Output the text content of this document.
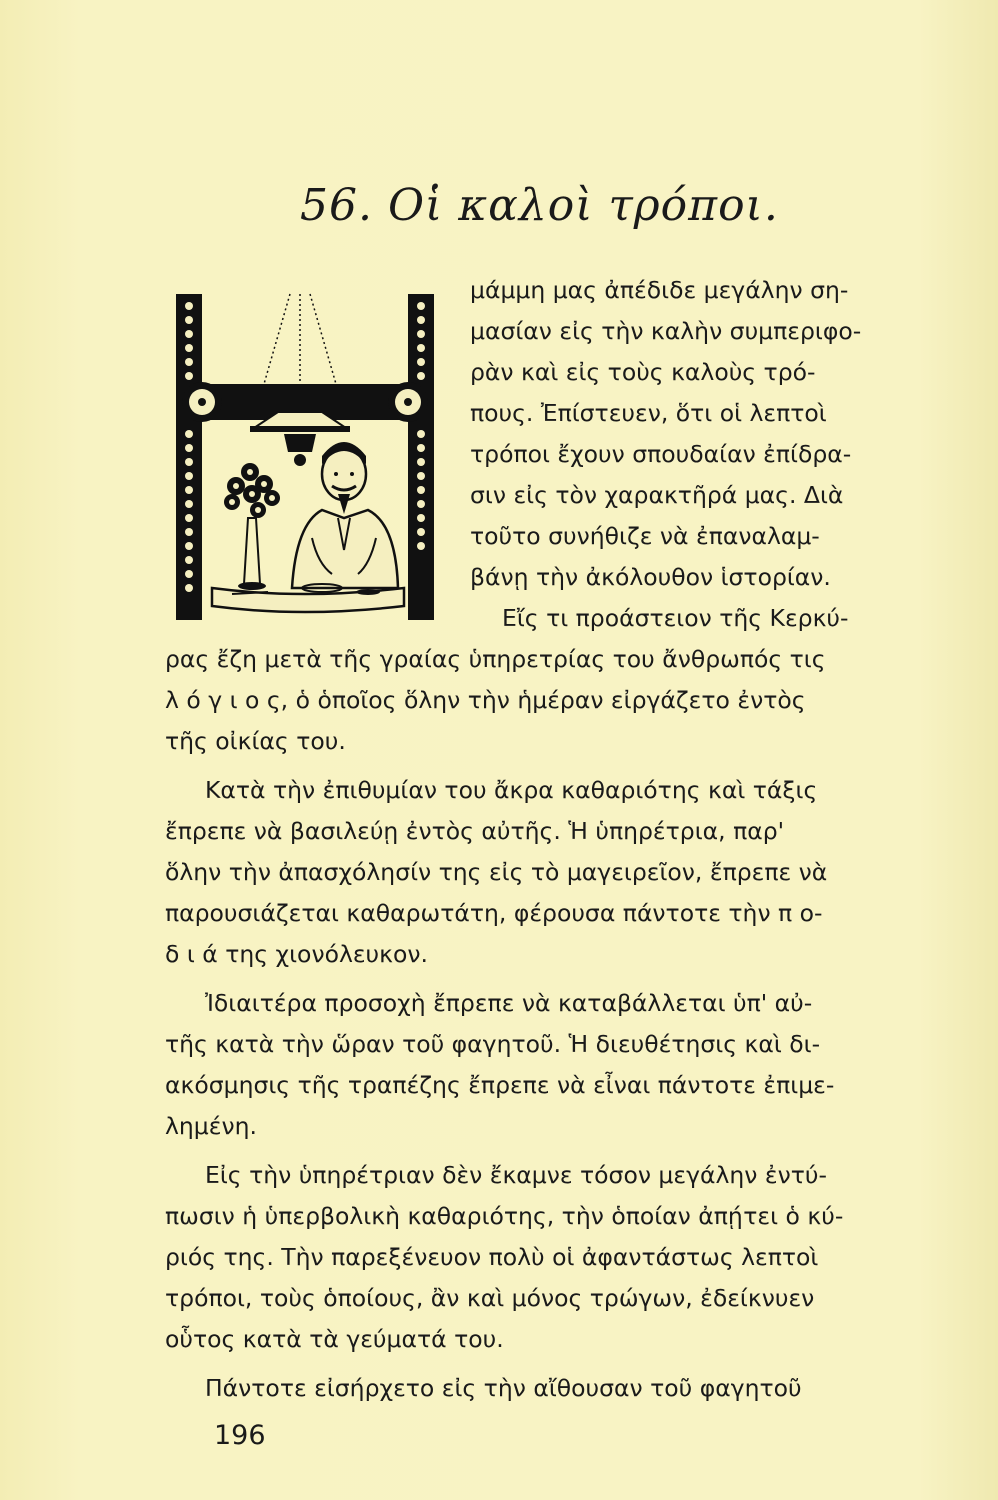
56. Οἱ καλοὶ τρόποι.
μάμμη μας ἀπέδιδε μεγάλην ση-
μασίαν εἰς τὴν καλὴν συμπεριφο-
ρὰν καὶ εἰς τοὺς καλοὺς τρό-
πους. Ἐπίστευεν, ὅτι οἱ λεπτοὶ
τρόποι ἔχουν σπουδαίαν ἐπίδρα-
σιν εἰς τὸν χαρακτῆρά μας. Διὰ
τοῦτο συνήθιζε νὰ ἐπαναλαμ-
βάνῃ τὴν ἀκόλουθον ἱστορίαν.
Εἴς τι προάστειον τῆς Κερκύ-
ρας ἔζη μετὰ τῆς γραίας ὑπηρετρίας του ἄνθρωπός τις
λ ό γ ι ο ς, ὁ ὁποῖος ὅλην τὴν ἡμέραν εἰργάζετο ἐντὸς
τῆς οἰκίας του.
Κατὰ τὴν ἐπιθυμίαν του ἄκρα καθαριότης καὶ τάξις
ἔπρεπε νὰ βασιλεύῃ ἐντὸς αὐτῆς. Ἡ ὑπηρέτρια, παρ'
ὅλην τὴν ἀπασχόλησίν της εἰς τὸ μαγειρεῖον, ἔπρεπε νὰ
παρουσιάζεται καθαρωτάτη, φέρουσα πάντοτε τὴν π ο-
δ ι ά της χιονόλευκον.
Ἰδιαιτέρα προσοχὴ ἔπρεπε νὰ καταβάλλεται ὑπ' αὐ-
τῆς κατὰ τὴν ὥραν τοῦ φαγητοῦ. Ἡ διευθέτησις καὶ δι-
ακόσμησις τῆς τραπέζης ἔπρεπε νὰ εἶναι πάντοτε ἐπιμε-
λημένη.
Εἰς τὴν ὑπηρέτριαν δὲν ἔκαμνε τόσον μεγάλην ἐντύ-
πωσιν ἡ ὑπερβολικὴ καθαριότης, τὴν ὁποίαν ἀπῄτει ὁ κύ-
ριός της. Τὴν παρεξένευον πολὺ οἱ ἀφαντάστως λεπτοὶ
τρόποι, τοὺς ὁποίους, ἂν καὶ μόνος τρώγων, ἐδείκνυεν
οὗτος κατὰ τὰ γεύματά του.
Πάντοτε εἰσήρχετο εἰς τὴν αἴθουσαν τοῦ φαγητοῦ
196
